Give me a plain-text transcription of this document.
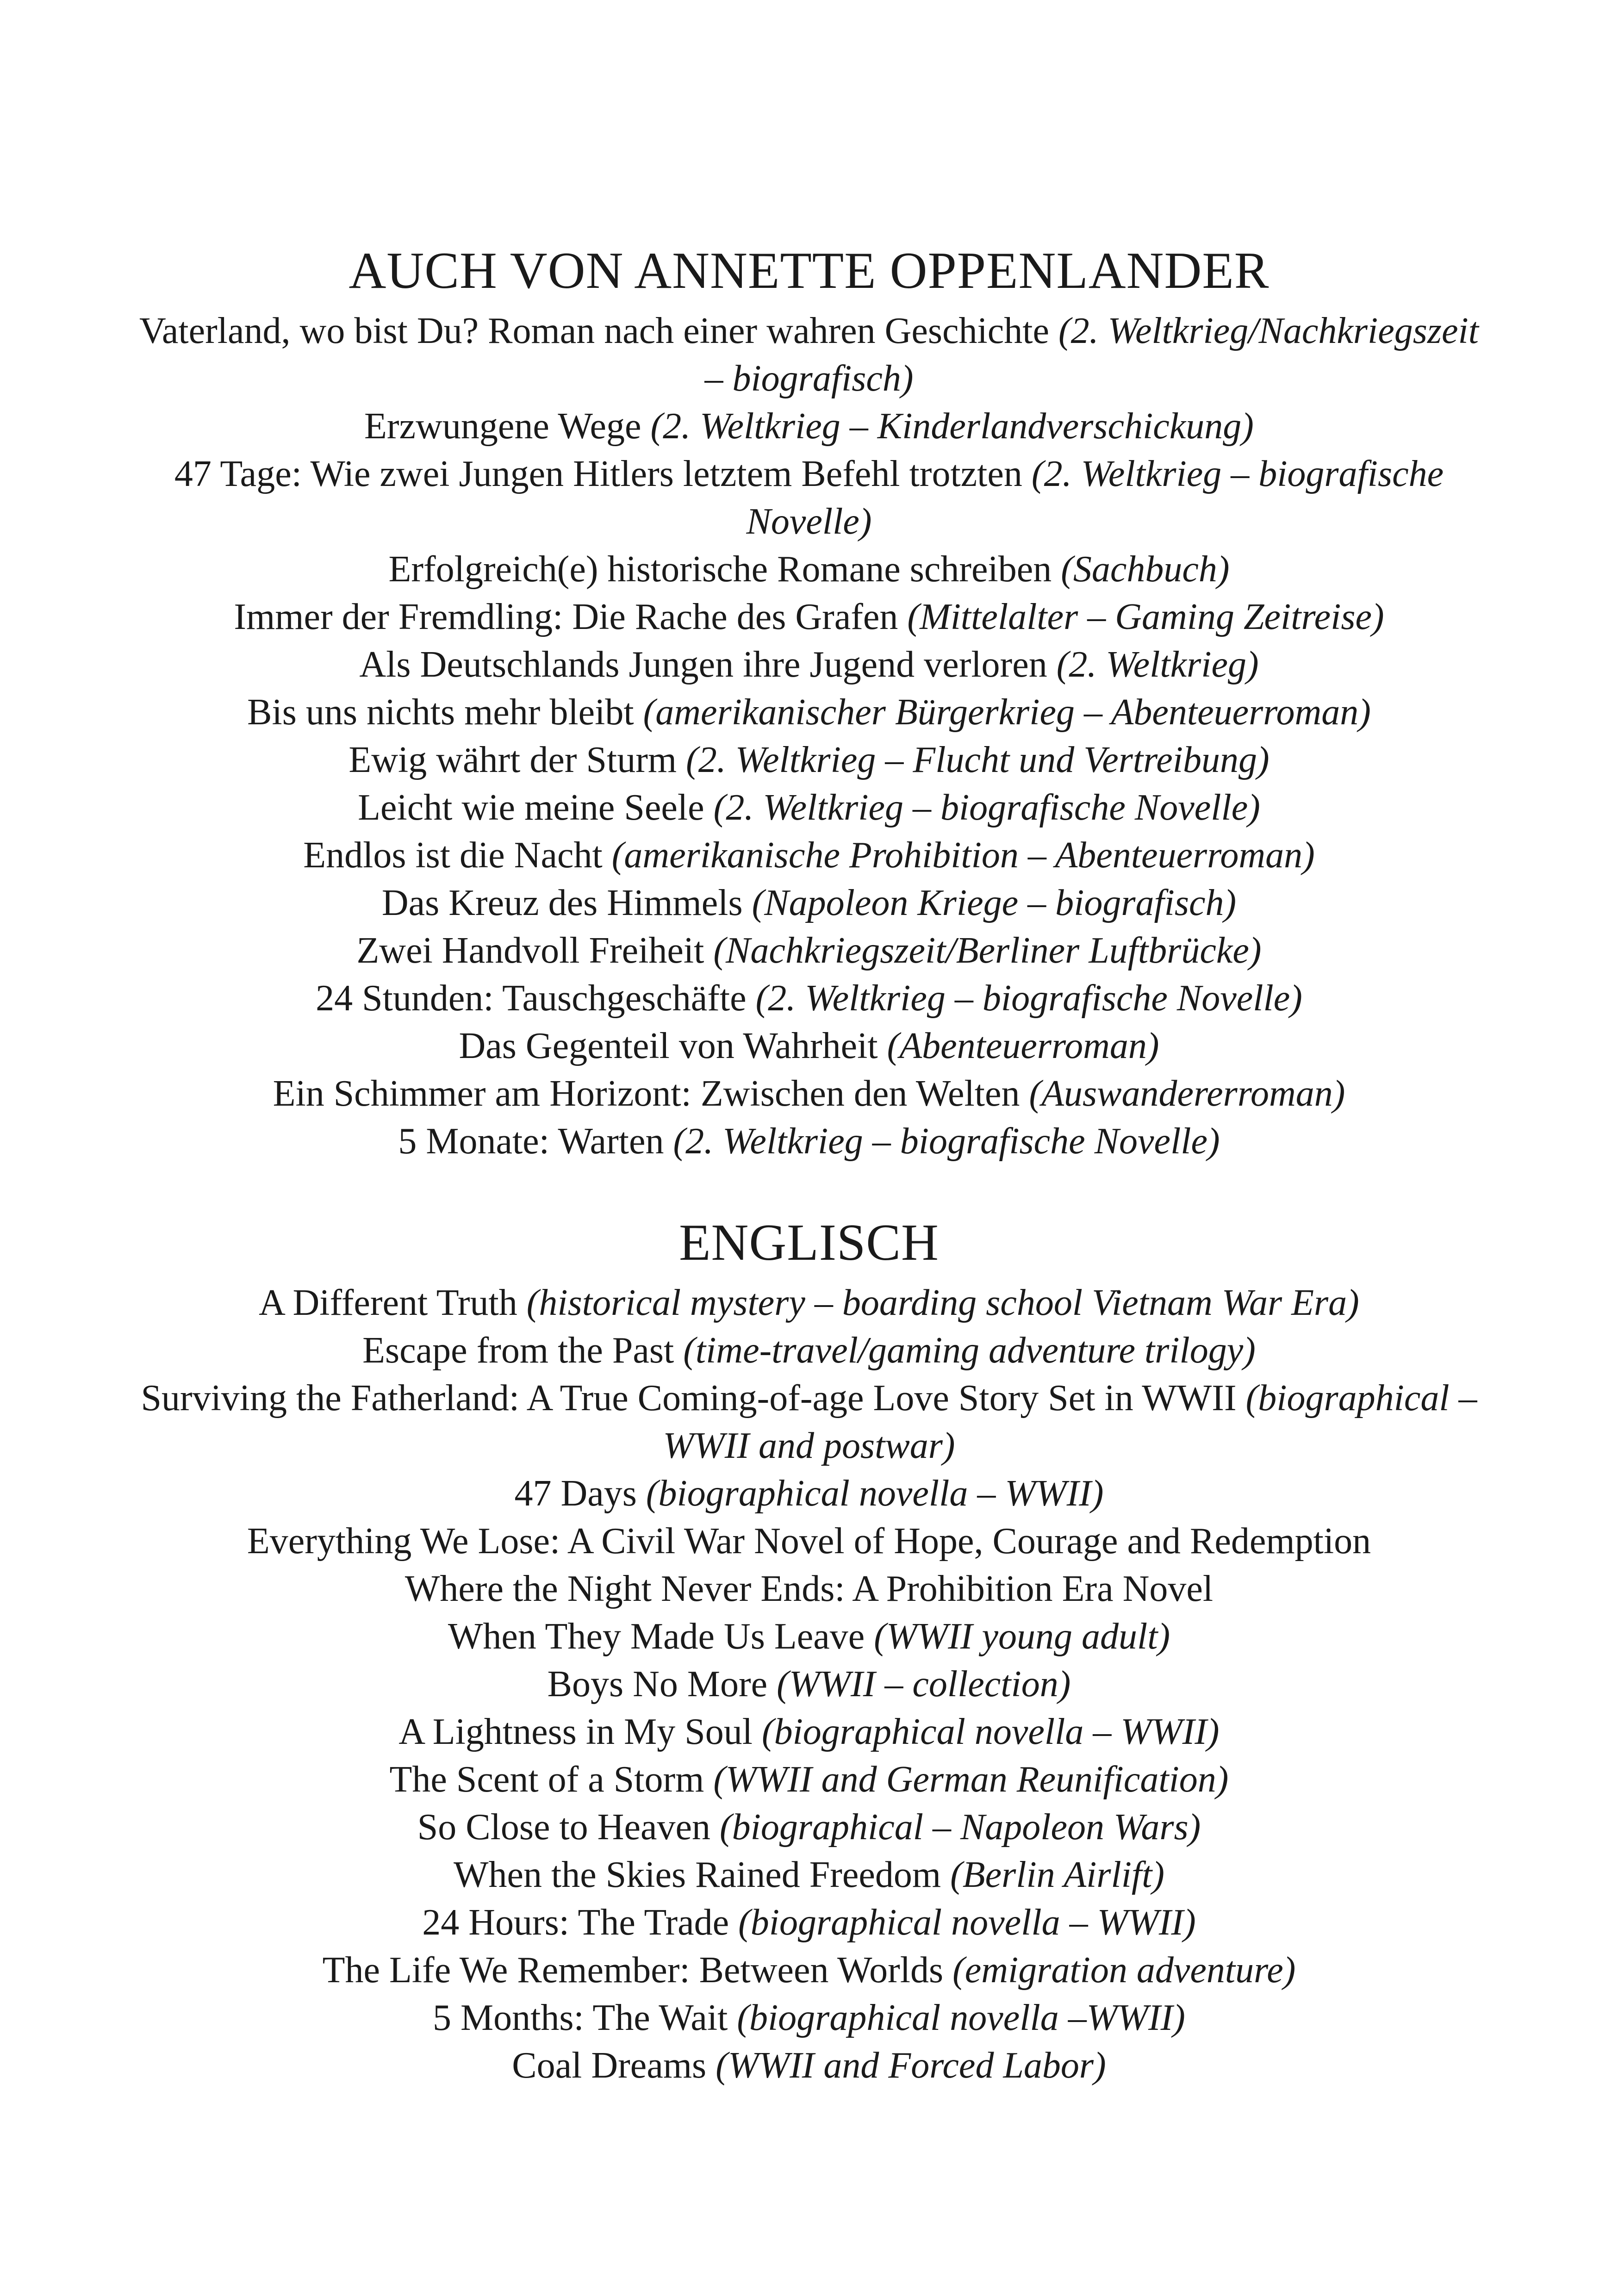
AUCH VON ANNETTE OPPENLANDER

Vaterland, wo bist Du? Roman nach einer wahren Geschichte (2. Weltkrieg/Nachkriegszeit – biografisch)

Erzwungene Wege (2. Weltkrieg – Kinderlandverschickung)

47 Tage: Wie zwei Jungen Hitlers letztem Befehl trotzten (2. Weltkrieg – biografische Novelle)

Erfolgreich(e) historische Romane schreiben (Sachbuch)

Immer der Fremdling: Die Rache des Grafen (Mittelalter – Gaming Zeitreise)

Als Deutschlands Jungen ihre Jugend verloren (2. Weltkrieg)

Bis uns nichts mehr bleibt (amerikanischer Bürgerkrieg – Abenteuerroman)

Ewig währt der Sturm (2. Weltkrieg – Flucht und Vertreibung)

Leicht wie meine Seele (2. Weltkrieg – biografische Novelle)

Endlos ist die Nacht (amerikanische Prohibition – Abenteuerroman)

Das Kreuz des Himmels (Napoleon Kriege – biografisch)

Zwei Handvoll Freiheit (Nachkriegszeit/Berliner Luftbrücke)

24 Stunden: Tauschgeschäfte (2. Weltkrieg – biografische Novelle)

Das Gegenteil von Wahrheit (Abenteuerroman)

Ein Schimmer am Horizont: Zwischen den Welten (Auswandererroman)

5 Monate: Warten (2. Weltkrieg – biografische Novelle)

ENGLISCH

A Different Truth (historical mystery – boarding school Vietnam War Era)

Escape from the Past (time-travel/gaming adventure trilogy)

Surviving the Fatherland: A True Coming-of-age Love Story Set in WWII (biographical – WWII and postwar)

47 Days (biographical novella – WWII)

Everything We Lose: A Civil War Novel of Hope, Courage and Redemption

Where the Night Never Ends: A Prohibition Era Novel

When They Made Us Leave (WWII young adult)

Boys No More (WWII – collection)

A Lightness in My Soul (biographical novella – WWII)

The Scent of a Storm (WWII and German Reunification)

So Close to Heaven (biographical – Napoleon Wars)

When the Skies Rained Freedom (Berlin Airlift)

24 Hours: The Trade (biographical novella – WWII)

The Life We Remember: Between Worlds (emigration adventure)

5 Months: The Wait (biographical novella –WWII)

Coal Dreams (WWII and Forced Labor)
